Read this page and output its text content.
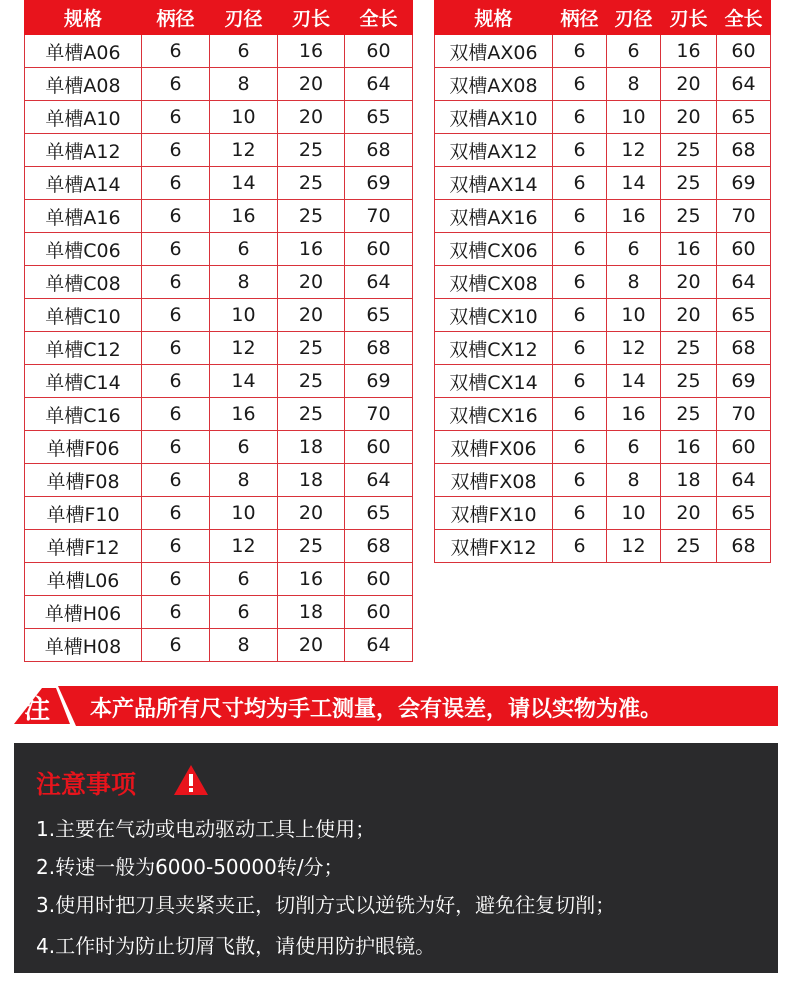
规格	柄径	刃径	刃长	全长
单槽A06	6	6	16	60
单槽A08	6	8	20	64
单槽A10	6	10	20	65
单槽A12	6	12	25	68
单槽A14	6	14	25	69
单槽A16	6	16	25	70
单槽C06	6	6	16	60
单槽C08	6	8	20	64
单槽C10	6	10	20	65
单槽C12	6	12	25	68
单槽C14	6	14	25	69
单槽C16	6	16	25	70
单槽F06	6	6	18	60
单槽F08	6	8	18	64
单槽F10	6	10	20	65
单槽F12	6	12	25	68
单槽L06	6	6	16	60
单槽H06	6	6	18	60
单槽H08	6	8	20	64
规格	柄径	刃径	刃长	全长
双槽AX06	6	6	16	60
双槽AX08	6	8	20	64
双槽AX10	6	10	20	65
双槽AX12	6	12	25	68
双槽AX14	6	14	25	69
双槽AX16	6	16	25	70
双槽CX06	6	6	16	60
双槽CX08	6	8	20	64
双槽CX10	6	10	20	65
双槽CX12	6	12	25	68
双槽CX14	6	14	25	69
双槽CX16	6	16	25	70
双槽FX06	6	6	16	60
双槽FX08	6	8	18	64
双槽FX10	6	10	20	65
双槽FX12	6	12	25	68
注 本产品所有尺寸均为手工测量，会有误差，请以实物为准。
注意事项
1.主要在气动或电动驱动工具上使用；
2.转速一般为6000-50000转/分；
3.使用时把刀具夹紧夹正，切削方式以逆铣为好，避免往复切削；
4.工作时为防止切屑飞散，请使用防护眼镜。
